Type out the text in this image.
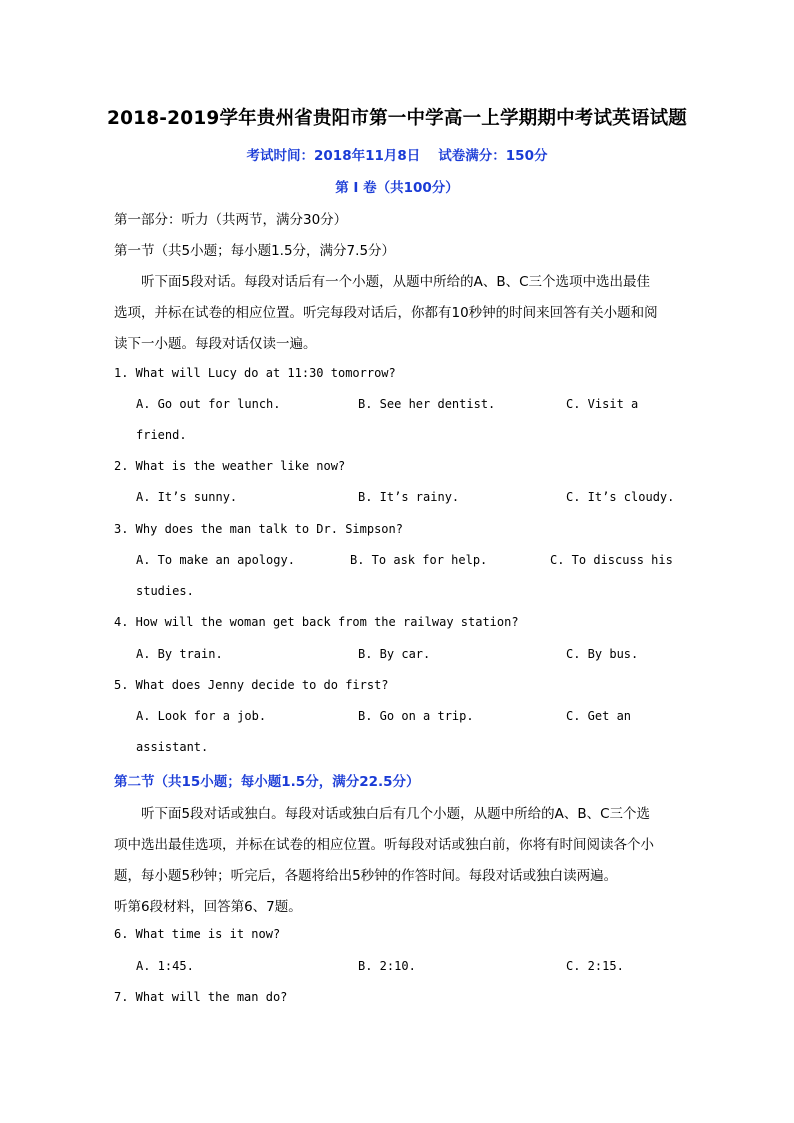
2018-2019学年贵州省贵阳市第一中学高一上学期期中考试英语试题
考试时间：2018年11月8日 试卷满分：150分
第 Ⅰ 卷（共100分）
第一部分：听力（共两节，满分30分）
第一节（共5小题；每小题1.5分，满分7.5分）
听下面5段对话。每段对话后有一个小题，从题中所给的A、B、C三个选项中选出最佳
选项，并标在试卷的相应位置。听完每段对话后，你都有10秒钟的时间来回答有关小题和阅
读下一小题。每段对话仅读一遍。
1. What will Lucy do at 11:30 tomorrow?
A. Go out for lunch.	B. See her dentist.	C. Visit a
friend.
2. What is the weather like now?
A. It’s sunny.	B. It’s rainy.	C. It’s cloudy.
3. Why does the man talk to Dr. Simpson?
A. To make an apology.	B. To ask for help.	C. To discuss his
studies.
4. How will the woman get back from the railway station?
A. By train.	B. By car.	C. By bus.
5. What does Jenny decide to do first?
A. Look for a job.	B. Go on a trip.	C. Get an
assistant.
第二节（共15小题；每小题1.5分，满分22.5分）
听下面5段对话或独白。每段对话或独白后有几个小题，从题中所给的A、B、C三个选
项中选出最佳选项，并标在试卷的相应位置。听每段对话或独白前，你将有时间阅读各个小
题，每小题5秒钟；听完后，各题将给出5秒钟的作答时间。每段对话或独白读两遍。
听第6段材料，回答第6、7题。
6. What time is it now?
A. 1:45.	B. 2:10.	C. 2:15.
7. What will the man do?
